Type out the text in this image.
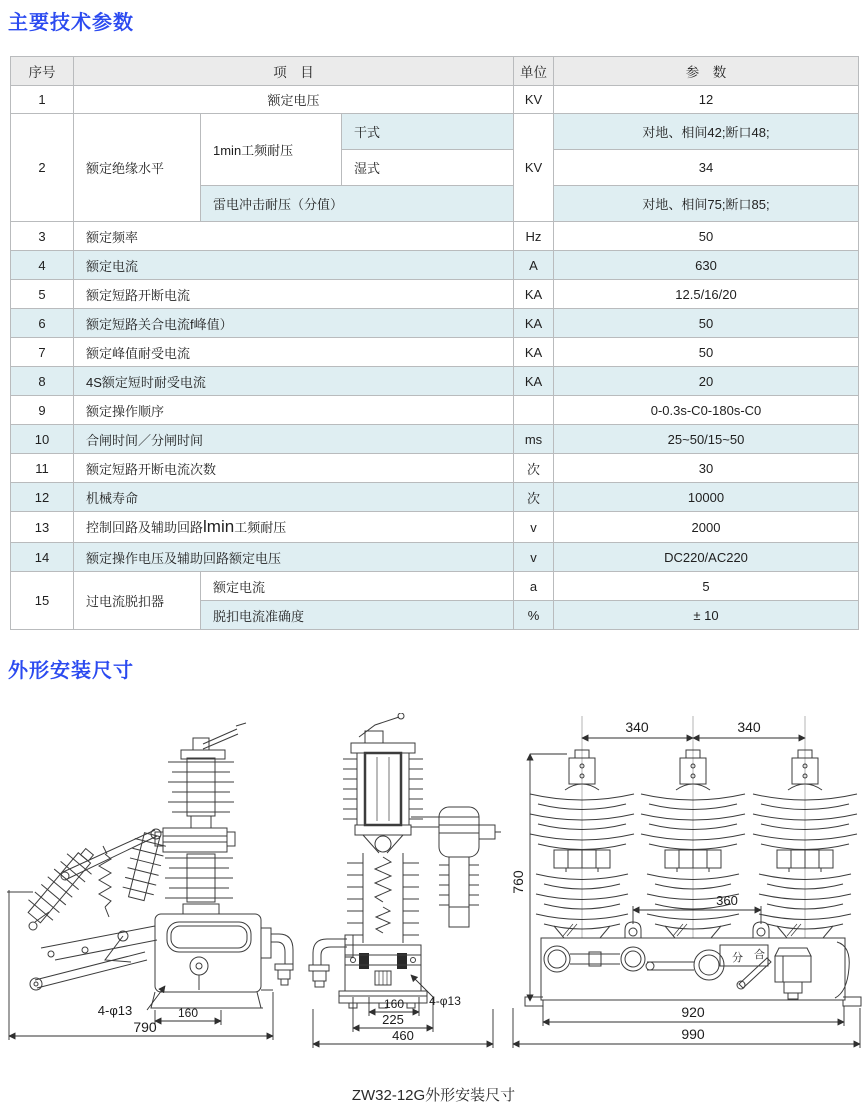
主要技术参数
序号	项　目			单位	参　数
1	额定电压			KV	12
2	额定绝缘水平	1min工频耐压	干式	KV	对地、相间42;断口48;
			湿式		34
		雷电冲击耐压（分值）			对地、相间75;断口85;
3	额定频率			Hz	50
4	额定电流			A	630
5	额定短路开断电流			KA	12.5/16/20
6	额定短路关合电流f峰值）			KA	50
7	额定峰值耐受电流			KA	50
8	4S额定短时耐受电流			KA	20
9	额定操作顺序				0-0.3s-C0-180s-C0
10	合闸时间／分闸时间			ms	25~50/15~50
11	额定短路开断电流次数			次	30
12	机械寿命			次	10000
13	控制回路及辅助回路lmin工频耐压			v	2000
14	额定操作电压及辅助回路额定电压			v	DC220/AC220
15	过电流脱扣器	额定电流		a	5
		脱扣电流准确度		%	± 10
外形安装尺寸
160
4-φ13
790
160 4-φ13
225
460
340	340
760
360
920
990
分 合
ZW32-12G外形安装尺寸
